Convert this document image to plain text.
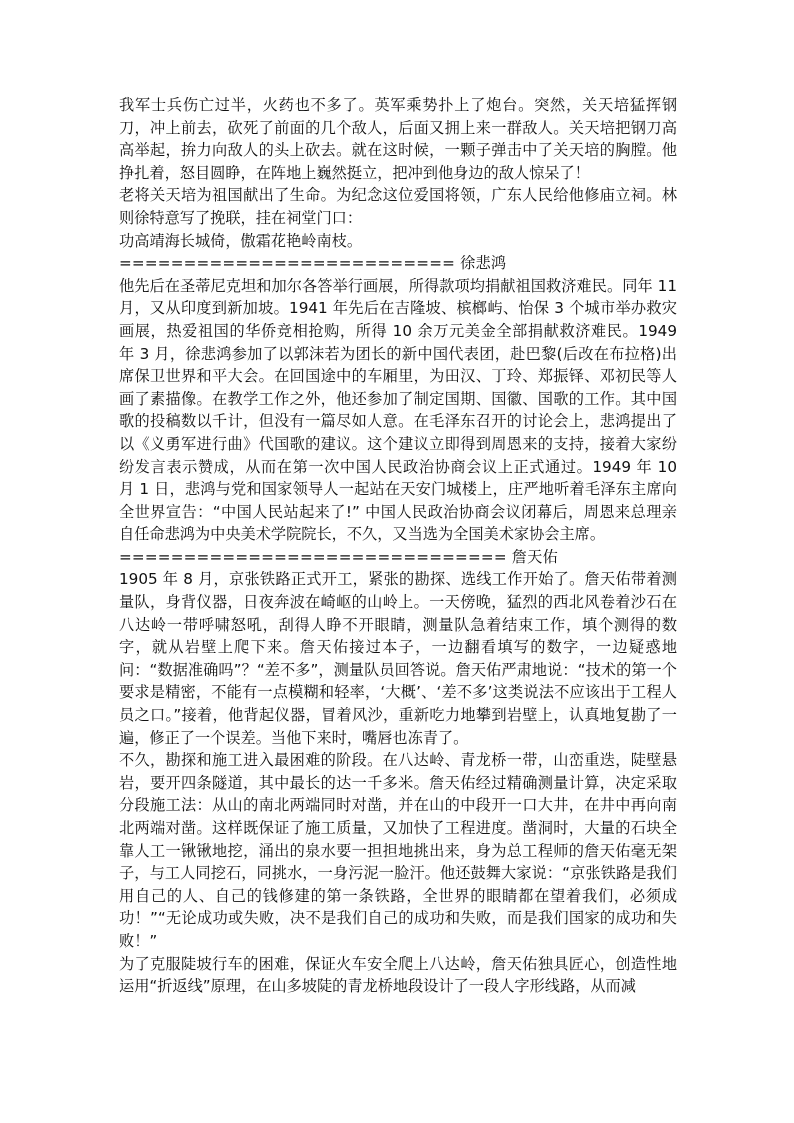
我军士兵伤亡过半，火药也不多了。英军乘势扑上了炮台。突然，关天培猛挥钢刀，冲上前去，砍死了前面的几个敌人，后面又拥上来一群敌人。关天培把钢刀高高举起，拚力向敌人的头上砍去。就在这时候，一颗子弹击中了关天培的胸膛。他挣扎着，怒目圆睁，在阵地上巍然挺立，把冲到他身边的敌人惊呆了！

老将关天培为祖国献出了生命。为纪念这位爱国将领，广东人民给他修庙立祠。林则徐特意写了挽联，挂在祠堂门口：

功高靖海长城倚，傲霜花艳岭南枝。

========================== 徐悲鸿

他先后在圣蒂尼克坦和加尔各答举行画展，所得款项均捐献祖国救济难民。同年 11 月，又从印度到新加坡。1941 年先后在吉隆坡、槟榔屿、怡保 3 个城市举办救灾画展，热爱祖国的华侨竞相抢购，所得 10 余万元美金全部捐献救济难民。1949 年 3 月，徐悲鸿参加了以郭沫若为团长的新中国代表团，赴巴黎(后改在布拉格)出席保卫世界和平大会。在回国途中的车厢里，为田汉、丁玲、郑振铎、邓初民等人画了素描像。在教学工作之外，他还参加了制定国期、国徽、国歌的工作。其中国歌的投稿数以千计，但没有一篇尽如人意。在毛泽东召开的讨论会上，悲鸿提出了以《义勇军进行曲》代国歌的建议。这个建议立即得到周恩来的支持，接着大家纷纷发言表示赞成，从而在第一次中国人民政治协商会议上正式通过。1949 年 10 月 1 日，悲鸿与党和国家领导人一起站在天安门城楼上，庄严地听着毛泽东主席向全世界宣告：“中国人民站起来了!” 中国人民政治协商会议闭幕后，周恩来总理亲自任命悲鸿为中央美术学院院长，不久，又当选为全国美术家协会主席。

============================== 詹天佑

1905 年 8 月，京张铁路正式开工，紧张的勘探、选线工作开始了。詹天佑带着测量队，身背仪器，日夜奔波在崎岖的山岭上。一天傍晚，猛烈的西北风卷着沙石在八达岭一带呼啸怒吼，刮得人睁不开眼睛，测量队急着结束工作，填个测得的数字，就从岩壁上爬下来。詹天佑接过本子，一边翻看填写的数字，一边疑惑地问：“数据准确吗”？“差不多”，测量队员回答说。詹天佑严肃地说：“技术的第一个要求是精密，不能有一点模糊和轻率，‘大概’、‘差不多’这类说法不应该出于工程人员之口。”接着，他背起仪器，冒着风沙，重新吃力地攀到岩壁上，认真地复勘了一遍，修正了一个误差。当他下来时，嘴唇也冻青了。

不久，勘探和施工进入最困难的阶段。在八达岭、青龙桥一带，山峦重迭，陡壁悬岩，要开四条隧道，其中最长的达一千多米。詹天佑经过精确测量计算，决定采取分段施工法：从山的南北两端同时对凿，并在山的中段开一口大井，在井中再向南北两端对凿。这样既保证了施工质量，又加快了工程进度。凿洞时，大量的石块全靠人工一锹锹地挖，涌出的泉水要一担担地挑出来，身为总工程师的詹天佑毫无架子，与工人同挖石，同挑水，一身污泥一脸汗。他还鼓舞大家说：“京张铁路是我们用自己的人、自己的钱修建的第一条铁路，全世界的眼睛都在望着我们，必须成功！”“无论成功或失败，决不是我们自己的成功和失败，而是我们国家的成功和失败！”

为了克服陡坡行车的困难，保证火车安全爬上八达岭，詹天佑独具匠心，创造性地运用“折返线”原理，在山多坡陡的青龙桥地段设计了一段人字形线路，从而减
